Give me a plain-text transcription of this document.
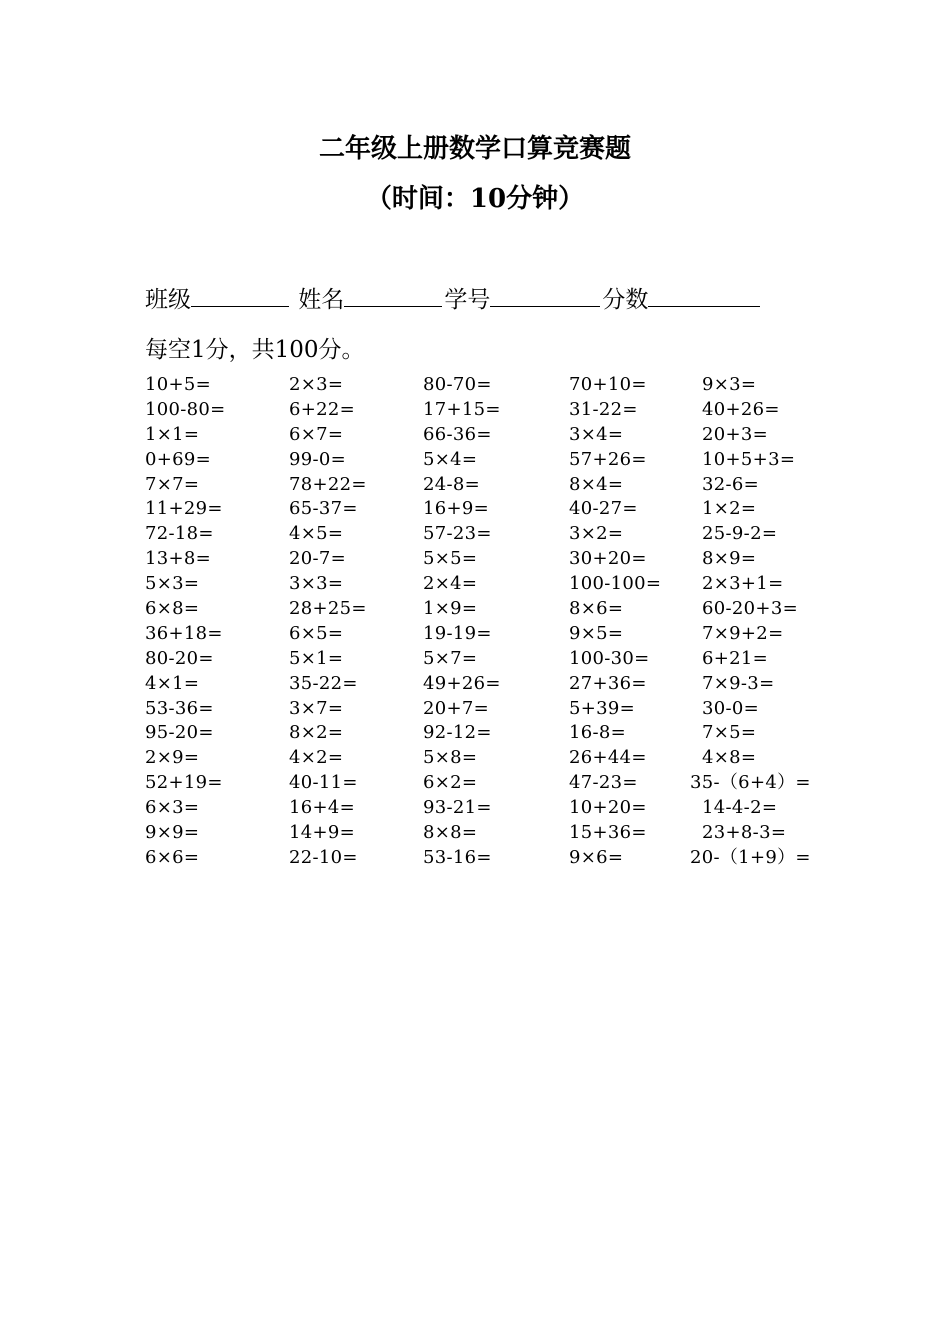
二年级上册数学口算竞赛题
（时间：10分钟）
班级	姓名	学号	分数
每空1分，共100分。
10+5=	2×3=	80-70=	70+10= 9×3=
100-80=	6+22=	17+15=	31-22=	40+26=
1×1=	6×7=	66-36=	3×4=	20+3=
0+69=	99-0=	5×4=	57+26= 10+5+3=
7×7=	78+22=	24-8=	8×4=	32-6=
11+29=	65-37=	16+9=	40-27=	1×2=
72-18=	4×5=	57-23=	3×2=	25-9-2=
13+8=	20-7=	5×5=	30+20= 8×9=
5×3=	3×3=	2×4=	100-100= 2×3+1=
6×8=	28+25=	1×9=	8×6=	60-20+3=
36+18=	6×5=	19-19=	9×5=	7×9+2=
80-20=	5×1=	5×7=	100-30= 6+21=
4×1=	35-22=	49+26=	27+36= 7×9-3=
53-36=	3×7=	20+7=	5+39=	30-0=
95-20=	8×2=	92-12=	16-8=	7×5=
2×9=	4×2=	5×8=	26+44= 4×8=
52+19=	40-11=	6×2=	47-23=	35-（6+4）=
6×3=	16+4=	93-21=	10+20= 14-4-2=
9×9=	14+9=	8×8=	15+36= 23+8-3=
6×6=	22-10=	53-16=	9×6=	20-（1+9）=
